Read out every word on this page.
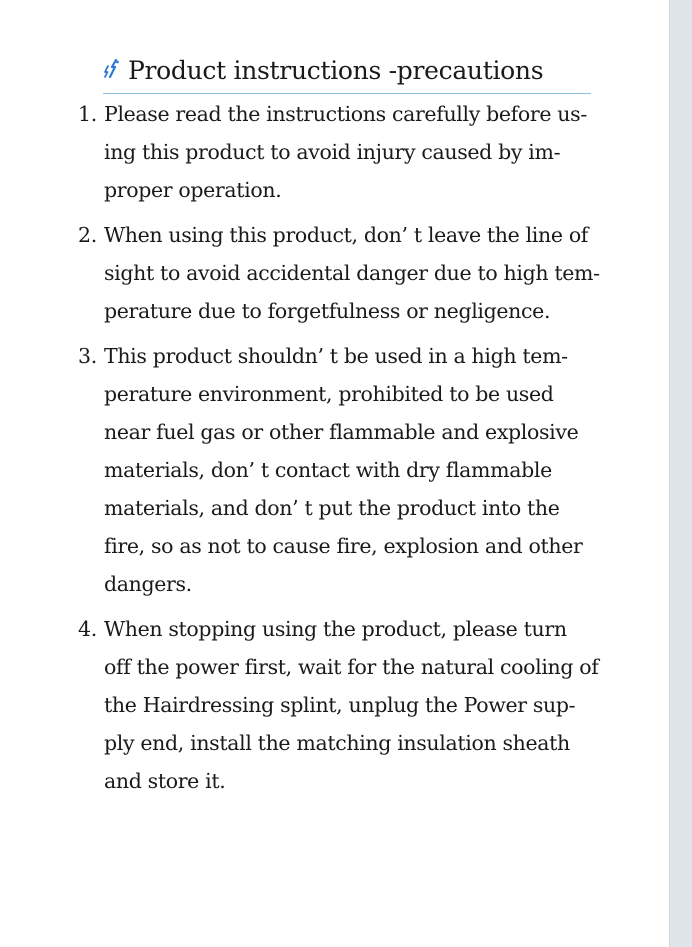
Product instructions -precautions
1. Please read the instructions carefully before us-
ing this product to avoid injury caused by im-
proper operation.
2. When using this product, don’ t leave the line of
sight to avoid accidental danger due to high tem-
perature due to forgetfulness or negligence.
3. This product shouldn’ t be used in a high tem-
perature environment, prohibited to be used
near fuel gas or other flammable and explosive
materials, don’ t contact with dry flammable
materials, and don’ t put the product into the
fire, so as not to cause fire, explosion and other
dangers.
4. When stopping using the product, please turn
off the power first, wait for the natural cooling of
the Hairdressing splint, unplug the Power sup-
ply end, install the matching insulation sheath
and store it.
